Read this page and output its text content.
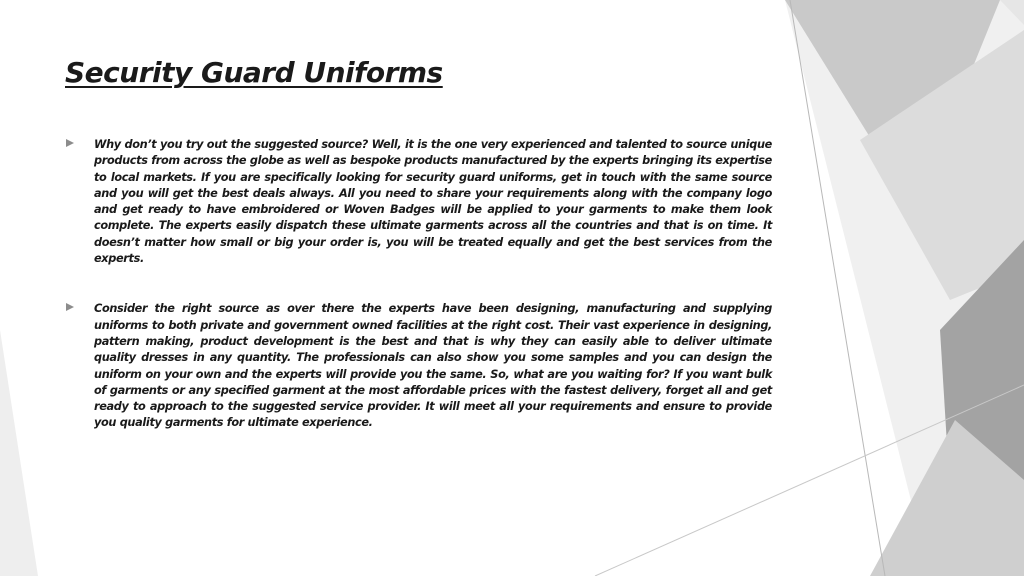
Security Guard Uniforms
Why don’t you try out the suggested source? Well, it is the one very experienced and talented to source unique products from across the globe as well as bespoke products manufactured by the experts bringing its expertise to local markets. If you are specifically looking for security guard uniforms, get in touch with the same source and you will get the best deals always. All you need to share your requirements along with the company logo and get ready to have embroidered or Woven Badges will be applied to your garments to make them look complete. The experts easily dispatch these ultimate garments across all the countries and that is on time. It doesn’t matter how small or big your order is, you will be treated equally and get the best services from the experts.
Consider the right source as over there the experts have been designing, manufacturing and supplying uniforms to both private and government owned facilities at the right cost. Their vast experience in designing, pattern making, product development is the best and that is why they can easily able to deliver ultimate quality dresses in any quantity. The professionals can also show you some samples and you can design the uniform on your own and the experts will provide you the same. So, what are you waiting for? If you want bulk of garments or any specified garment at the most affordable prices with the fastest delivery, forget all and get ready to approach to the suggested service provider. It will meet all your requirements and ensure to provide you quality garments for ultimate experience.
